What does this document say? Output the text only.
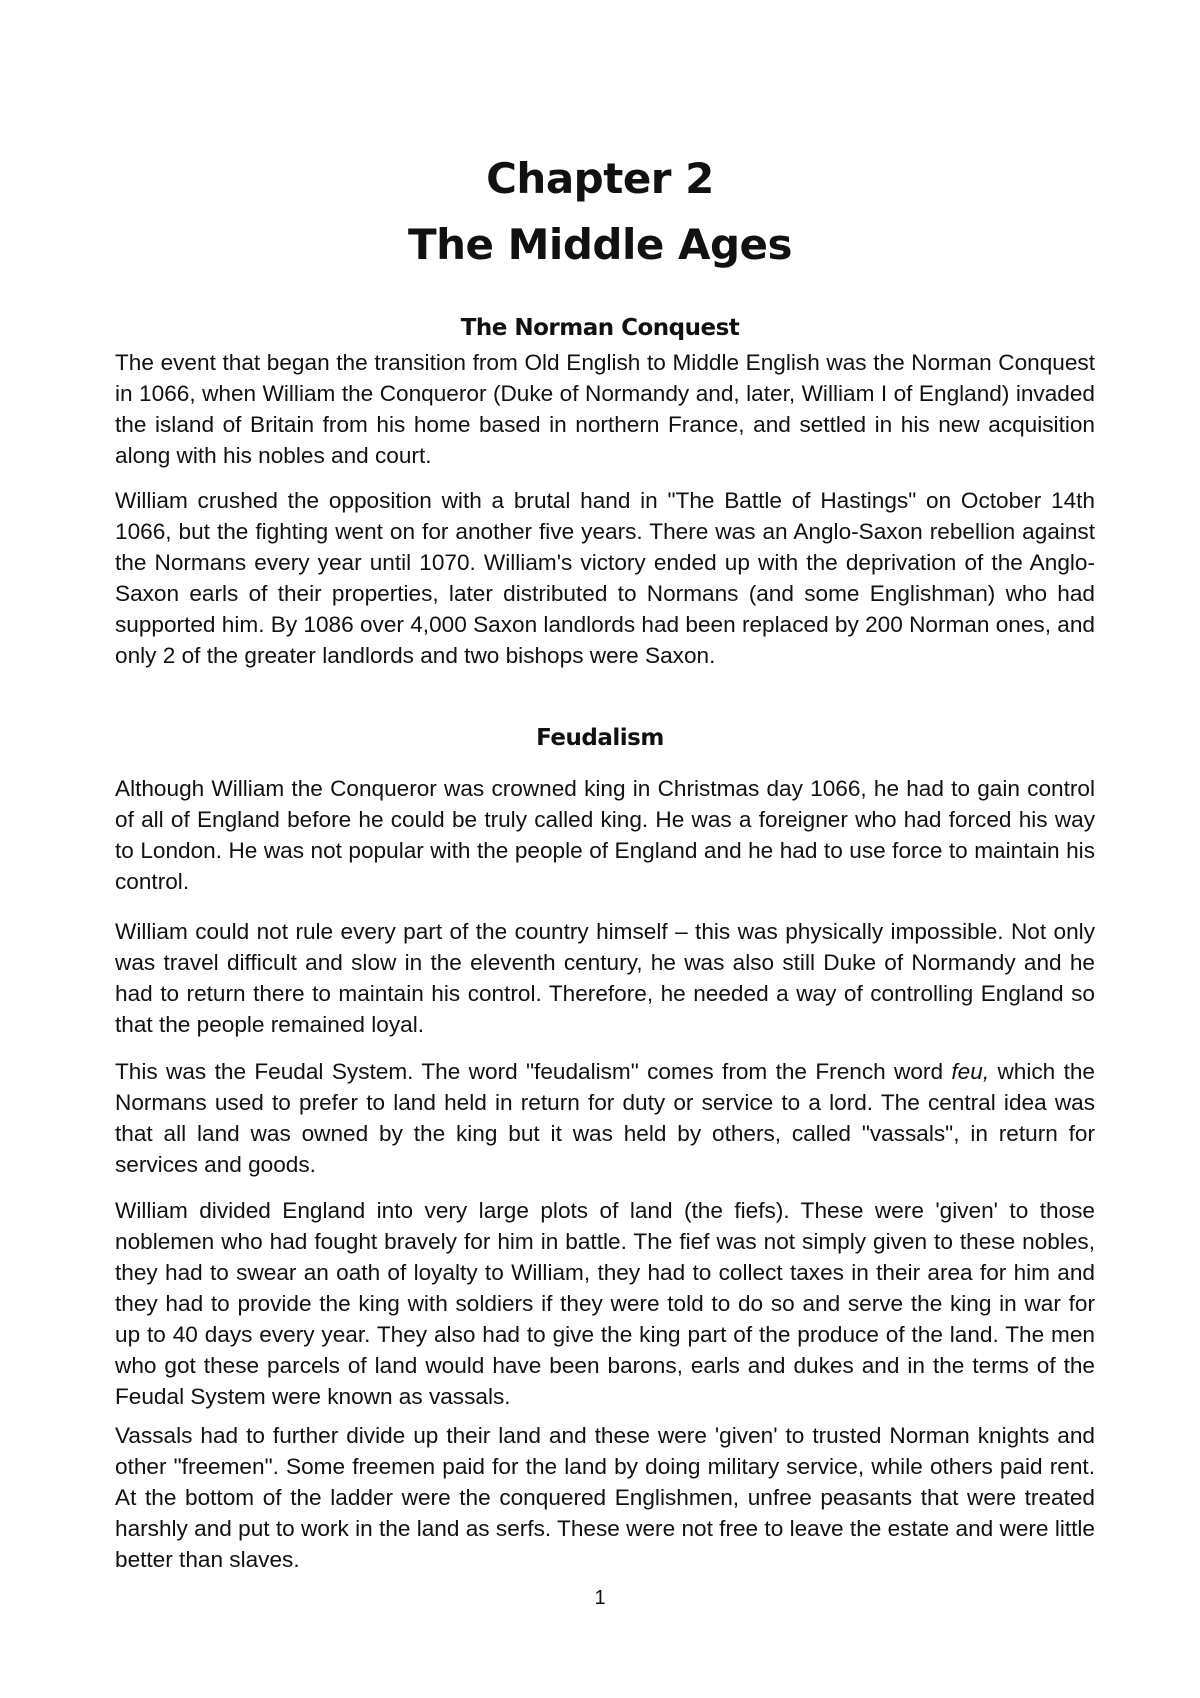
Chapter 2
The Middle Ages
The Norman Conquest

The event that began the transition from Old English to Middle English was the Norman Conquest in 1066, when William the Conqueror (Duke of Normandy and, later, William I of England) invaded the island of Britain from his home based in northern France, and settled in his new acquisition along with his nobles and court.

William crushed the opposition with a brutal hand in "The Battle of Hastings" on October 14th 1066, but the fighting went on for another five years. There was an Anglo-Saxon rebellion against the Normans every year until 1070. William's victory ended up with the deprivation of the Anglo-Saxon earls of their properties, later distributed to Normans (and some Englishman) who had supported him. By 1086 over 4,000 Saxon landlords had been replaced by 200 Norman ones, and only 2 of the greater landlords and two bishops were Saxon.

Feudalism

Although William the Conqueror was crowned king in Christmas day 1066, he had to gain control of all of England before he could be truly called king. He was a foreigner who had forced his way to London. He was not popular with the people of England and he had to use force to maintain his control.

William could not rule every part of the country himself – this was physically impossible. Not only was travel difficult and slow in the eleventh century, he was also still Duke of Normandy and he had to return there to maintain his control. Therefore, he needed a way of controlling England so that the people remained loyal.

This was the Feudal System. The word "feudalism" comes from the French word feu, which the Normans used to prefer to land held in return for duty or service to a lord. The central idea was that all land was owned by the king but it was held by others, called "vassals", in return for services and goods.

William divided England into very large plots of land (the fiefs). These were 'given' to those noblemen who had fought bravely for him in battle. The fief was not simply given to these nobles, they had to swear an oath of loyalty to William, they had to collect taxes in their area for him and they had to provide the king with soldiers if they were told to do so and serve the king in war for up to 40 days every year. They also had to give the king part of the produce of the land. The men who got these parcels of land would have been barons, earls and dukes and in the terms of the Feudal System were known as vassals.

Vassals had to further divide up their land and these were 'given' to trusted Norman knights and other "freemen". Some freemen paid for the land by doing military service, while others paid rent. At the bottom of the ladder were the conquered Englishmen, unfree peasants that were treated harshly and put to work in the land as serfs. These were not free to leave the estate and were little better than slaves.

1
